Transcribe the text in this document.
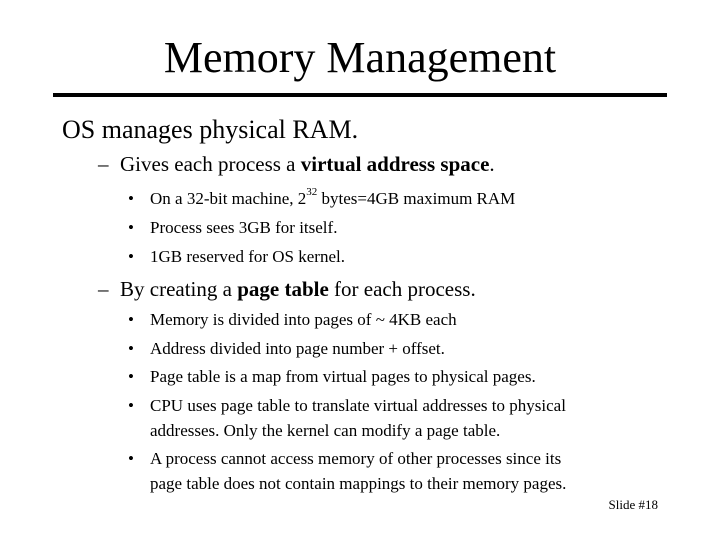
Memory Management
OS manages physical RAM.
– Gives each process a virtual address space.
• On a 32-bit machine, $2^{32}$ bytes=4GB maximum RAM
• Process sees 3GB for itself.
• 1GB reserved for OS kernel.
– By creating a page table for each process.
• Memory is divided into pages of ~ 4KB each
• Address divided into page number + offset.
• Page table is a map from virtual pages to physical pages.
• CPU uses page table to translate virtual addresses to physical
addresses. Only the kernel can modify a page table.
• A process cannot access memory of other processes since its
page table does not contain mappings to their memory pages.
Slide #18
